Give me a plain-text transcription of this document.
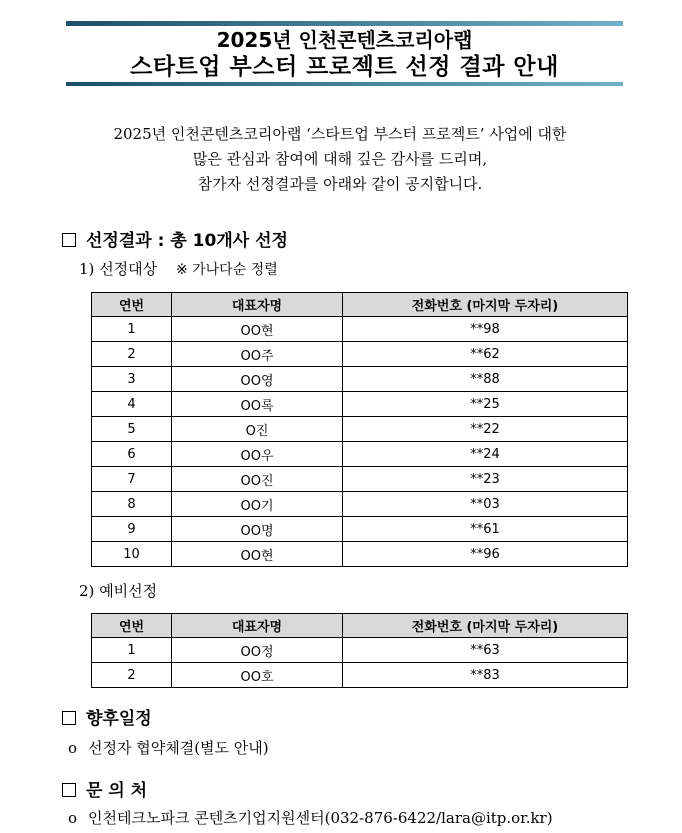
2025년 인천콘텐츠코리아랩
스타트업 부스터 프로젝트 선정 결과 안내
2025년 인천콘텐츠코리아랩 ‘스타트업 부스터 프로젝트’ 사업에 대한
많은 관심과 참여에 대해 깊은 감사를 드리며,
참가자 선정결과를 아래와 같이 공지합니다.
선정결과 : 총 10개사 선정
1) 선정대상 ※ 가나다순 정렬
연번	대표자명	전화번호 (마지막 두자리)
1	OO현	**98
2	OO주	**62
3	OO영	**88
4	OO록	**25
5	O진	**22
6	OO우	**24
7	OO진	**23
8	OO기	**03
9	OO명	**61
10	OO현	**96
2) 예비선정
연번	대표자명	전화번호 (마지막 두자리)
1	OO정	**63
2	OO호	**83
향후일정
o 선정자 협약체결(별도 안내)
문 의 처
o 인천테크노파크 콘텐츠기업지원센터(032-876-6422/lara@itp.or.kr)
